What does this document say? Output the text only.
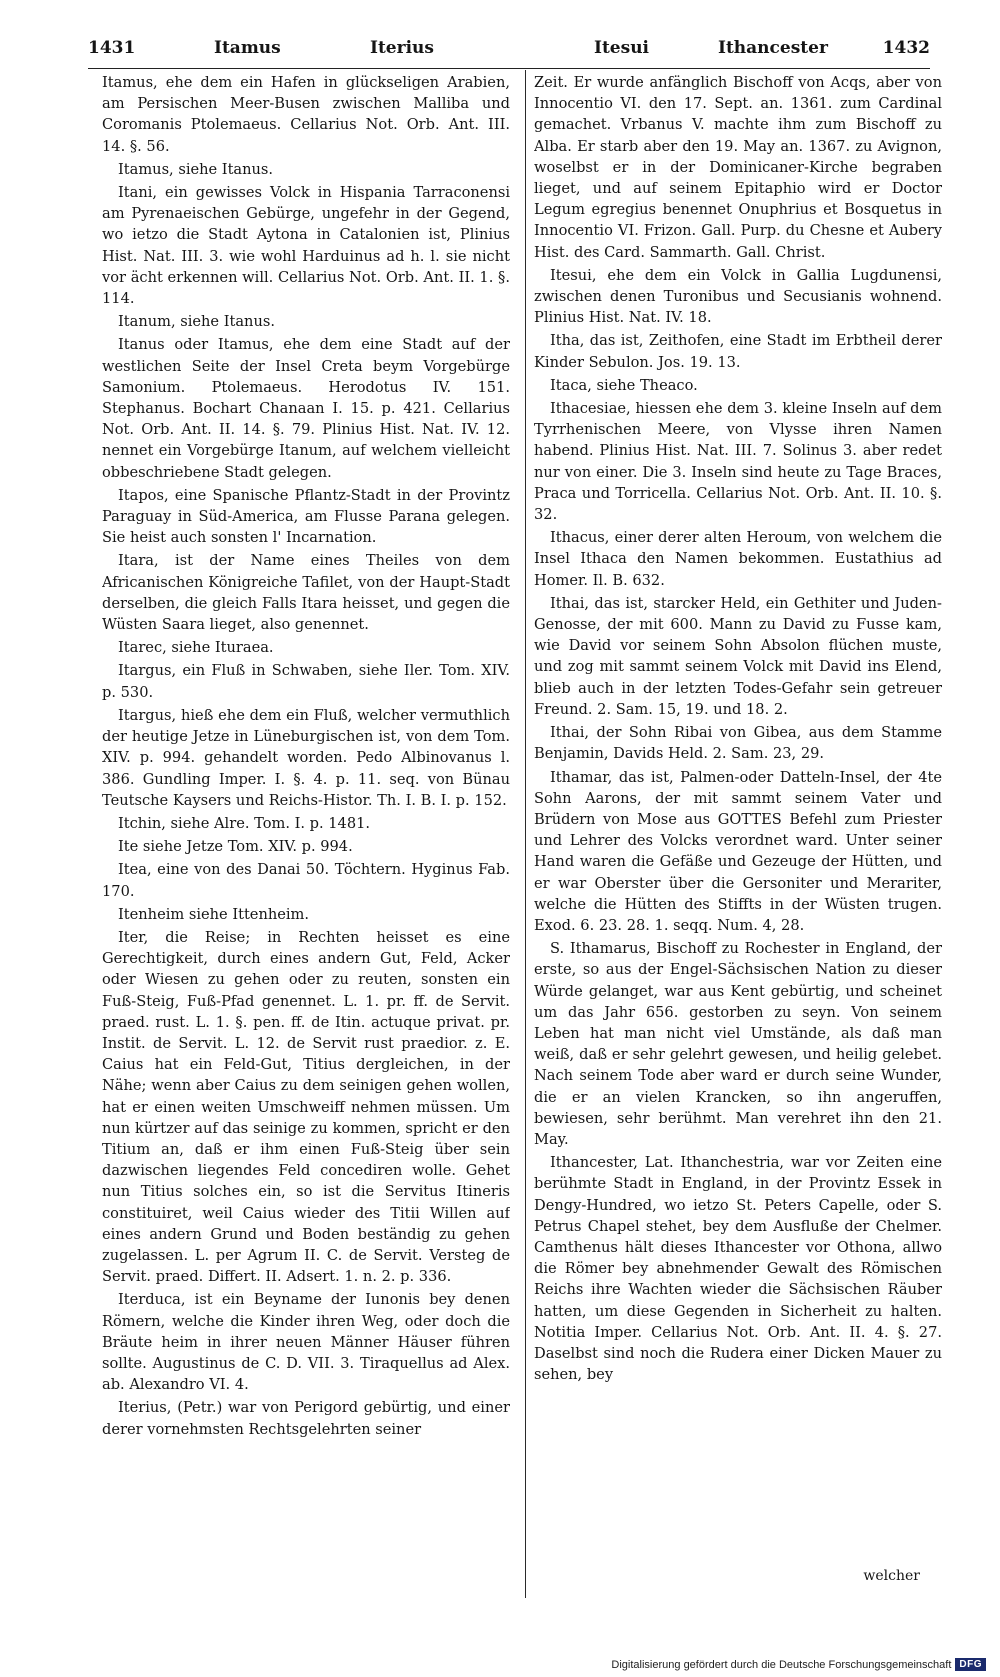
1431	Itamus	Iterius	Itesui	Ithancester	1432

Itamus, ehe dem ein Hafen in glückseligen Arabien, am Persischen Meer-Busen zwischen Malliba und Coromanis Ptolemaeus. Cellarius Not. Orb. Ant. III. 14. §. 56.

Itamus, siehe Itanus.

Itani, ein gewisses Volck in Hispania Tarraconensi am Pyrenaeischen Gebürge, ungefehr in der Gegend, wo ietzo die Stadt Aytona in Catalonien ist, Plinius Hist. Nat. III. 3. wie wohl Harduinus ad h. l. sie nicht vor ächt erkennen will. Cellarius Not. Orb. Ant. II. 1. §. 114.

Itanum, siehe Itanus.

Itanus oder Itamus, ehe dem eine Stadt auf der westlichen Seite der Insel Creta beym Vorgebürge Samonium. Ptolemaeus. Herodotus IV. 151. Stephanus. Bochart Chanaan I. 15. p. 421. Cellarius Not. Orb. Ant. II. 14. §. 79. Plinius Hist. Nat. IV. 12. nennet ein Vorgebürge Itanum, auf welchem vielleicht obbeschriebene Stadt gelegen.

Itapos, eine Spanische Pflantz-Stadt in der Provintz Paraguay in Süd-America, am Flusse Parana gelegen. Sie heist auch sonsten l' Incarnation.

Itara, ist der Name eines Theiles von dem Africanischen Königreiche Tafilet, von der Haupt-Stadt derselben, die gleich Falls Itara heisset, und gegen die Wüsten Saara lieget, also genennet.

Itarec, siehe Ituraea.

Itargus, ein Fluß in Schwaben, siehe Iler. Tom. XIV. p. 530.

Itargus, hieß ehe dem ein Fluß, welcher vermuthlich der heutige Jetze in Lüneburgischen ist, von dem Tom. XIV. p. 994. gehandelt worden. Pedo Albinovanus l. 386. Gundling Imper. I. §. 4. p. 11. seq. von Bünau Teutsche Kaysers und Reichs-Histor. Th. I. B. I. p. 152.

Itchin, siehe Alre. Tom. I. p. 1481.

Ite siehe Jetze Tom. XIV. p. 994.

Itea, eine von des Danai 50. Töchtern. Hyginus Fab. 170.

Itenheim siehe Ittenheim.

Iter, die Reise; in Rechten heisset es eine Gerechtigkeit, durch eines andern Gut, Feld, Acker oder Wiesen zu gehen oder zu reuten, sonsten ein Fuß-Steig, Fuß-Pfad genennet. L. 1. pr. ff. de Servit. praed. rust. L. 1. §. pen. ff. de Itin. actuque privat. pr. Instit. de Servit. L. 12. de Servit rust praedior. z. E. Caius hat ein Feld-Gut, Titius dergleichen, in der Nähe; wenn aber Caius zu dem seinigen gehen wollen, hat er einen weiten Umschweiff nehmen müssen. Um nun kürtzer auf das seinige zu kommen, spricht er den Titium an, daß er ihm einen Fuß-Steig über sein dazwischen liegendes Feld concediren wolle. Gehet nun Titius solches ein, so ist die Servitus Itineris constituiret, weil Caius wieder des Titii Willen auf eines andern Grund und Boden beständig zu gehen zugelassen. L. per Agrum II. C. de Servit. Versteg de Servit. praed. Differt. II. Adsert. 1. n. 2. p. 336.

Iterduca, ist ein Beyname der Iunonis bey denen Römern, welche die Kinder ihren Weg, oder doch die Bräute heim in ihrer neuen Männer Häuser führen sollte. Augustinus de C. D. VII. 3. Tiraquellus ad Alex. ab. Alexandro VI. 4.

Iterius, (Petr.) war von Perigord gebürtig, und einer derer vornehmsten Rechtsgelehrten seiner

Zeit. Er wurde anfänglich Bischoff von Acqs, aber von Innocentio VI. den 17. Sept. an. 1361. zum Cardinal gemachet. Vrbanus V. machte ihm zum Bischoff zu Alba. Er starb aber den 19. May an. 1367. zu Avignon, woselbst er in der Dominicaner-Kirche begraben lieget, und auf seinem Epitaphio wird er Doctor Legum egregius benennet Onuphrius et Bosquetus in Innocentio VI. Frizon. Gall. Purp. du Chesne et Aubery Hist. des Card. Sammarth. Gall. Christ.

Itesui, ehe dem ein Volck in Gallia Lugdunensi, zwischen denen Turonibus und Secusianis wohnend. Plinius Hist. Nat. IV. 18.

Itha, das ist, Zeithofen, eine Stadt im Erbtheil derer Kinder Sebulon. Jos. 19. 13.

Itaca, siehe Theaco.

Ithacesiae, hiessen ehe dem 3. kleine Inseln auf dem Tyrrhenischen Meere, von Vlysse ihren Namen habend. Plinius Hist. Nat. III. 7. Solinus 3. aber redet nur von einer. Die 3. Inseln sind heute zu Tage Braces, Praca und Torricella. Cellarius Not. Orb. Ant. II. 10. §. 32.

Ithacus, einer derer alten Heroum, von welchem die Insel Ithaca den Namen bekommen. Eustathius ad Homer. Il. B. 632.

Ithai, das ist, starcker Held, ein Gethiter und Juden-Genosse, der mit 600. Mann zu David zu Fusse kam, wie David vor seinem Sohn Absolon flüchen muste, und zog mit sammt seinem Volck mit David ins Elend, blieb auch in der letzten Todes-Gefahr sein getreuer Freund. 2. Sam. 15, 19. und 18. 2.

Ithai, der Sohn Ribai von Gibea, aus dem Stamme Benjamin, Davids Held. 2. Sam. 23, 29.

Ithamar, das ist, Palmen-oder Datteln-Insel, der 4te Sohn Aarons, der mit sammt seinem Vater und Brüdern von Mose aus GOTTES Befehl zum Priester und Lehrer des Volcks verordnet ward. Unter seiner Hand waren die Gefäße und Gezeuge der Hütten, und er war Oberster über die Gersoniter und Merariter, welche die Hütten des Stiffts in der Wüsten trugen. Exod. 6. 23. 28. 1. seqq. Num. 4, 28.

S. Ithamarus, Bischoff zu Rochester in England, der erste, so aus der Engel-Sächsischen Nation zu dieser Würde gelanget, war aus Kent gebürtig, und scheinet um das Jahr 656. gestorben zu seyn. Von seinem Leben hat man nicht viel Umstände, als daß man weiß, daß er sehr gelehrt gewesen, und heilig gelebet. Nach seinem Tode aber ward er durch seine Wunder, die er an vielen Krancken, so ihn angeruffen, bewiesen, sehr berühmt. Man verehret ihn den 21. May.

Ithancester, Lat. Ithanchestria, war vor Zeiten eine berühmte Stadt in England, in der Provintz Essek in Dengy-Hundred, wo ietzo St. Peters Capelle, oder S. Petrus Chapel stehet, bey dem Ausfluße der Chelmer. Camthenus hält dieses Ithancester vor Othona, allwo die Römer bey abnehmender Gewalt des Römischen Reichs ihre Wachten wieder die Sächsischen Räuber hatten, um diese Gegenden in Sicherheit zu halten. Notitia Imper. Cellarius Not. Orb. Ant. II. 4. §. 27. Daselbst sind noch die Rudera einer Dicken Mauer zu sehen, bey

welcher
Digitalisierung gefördert durch die Deutsche Forschungsgemeinschaft DFG
